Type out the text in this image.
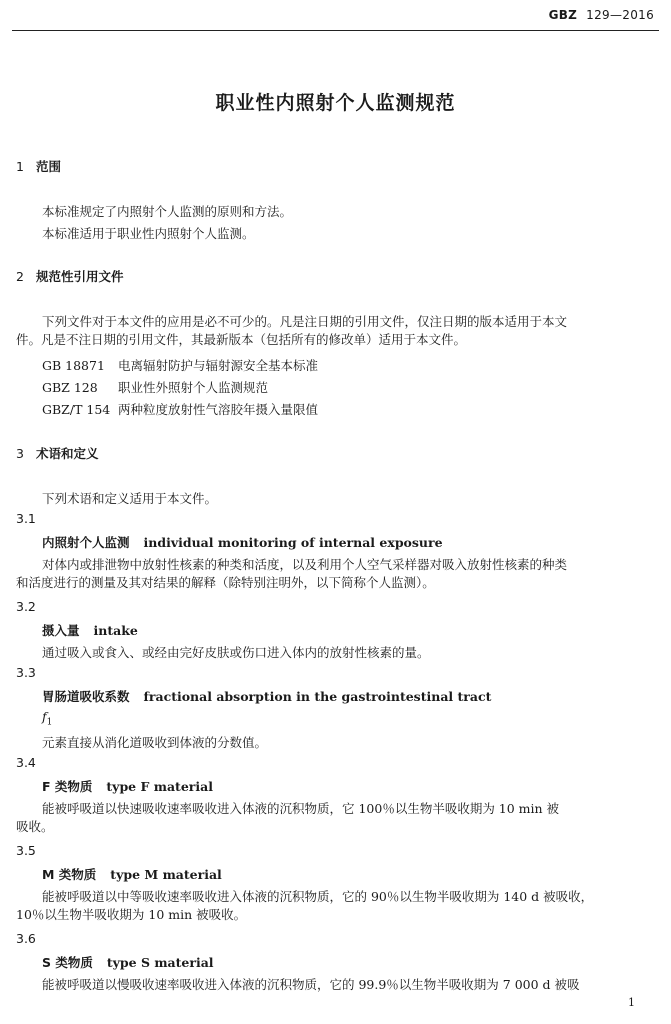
GBZ 129—2016
职业性内照射个人监测规范
1 范围
本标准规定了内照射个人监测的原则和方法。
本标准适用于职业性内照射个人监测。
2 规范性引用文件
下列文件对于本文件的应用是必不可少的。凡是注日期的引用文件，仅注日期的版本适用于本文
件。凡是不注日期的引用文件，其最新版本（包括所有的修改单）适用于本文件。
GB 18871 电离辐射防护与辐射源安全基本标准
GBZ 128 职业性外照射个人监测规范
GBZ/T 154 两种粒度放射性气溶胶年摄入量限值
3 术语和定义
下列术语和定义适用于本文件。
3.1
内照射个人监测 individual monitoring of internal exposure
对体内或排泄物中放射性核素的种类和活度，以及利用个人空气采样器对吸入放射性核素的种类
和活度进行的测量及其对结果的解释（除特别注明外，以下简称个人监测）。
3.2
摄入量 intake
通过吸入或食入、或经由完好皮肤或伤口进入体内的放射性核素的量。
3.3
胃肠道吸收系数 fractional absorption in the gastrointestinal tract
$f_1$
元素直接从消化道吸收到体液的分数值。
3.4
F 类物质 type F material
能被呼吸道以快速吸收速率吸收进入体液的沉积物质，它 100％以生物半吸收期为 10 min 被
吸收。
3.5
M 类物质 type M material
能被呼吸道以中等吸收速率吸收进入体液的沉积物质，它的 90％以生物半吸收期为 140 d 被吸收，
10％以生物半吸收期为 10 min 被吸收。
3.6
S 类物质 type S material
能被呼吸道以慢吸收速率吸收进入体液的沉积物质，它的 99.9％以生物半吸收期为 7 000 d 被吸
1
